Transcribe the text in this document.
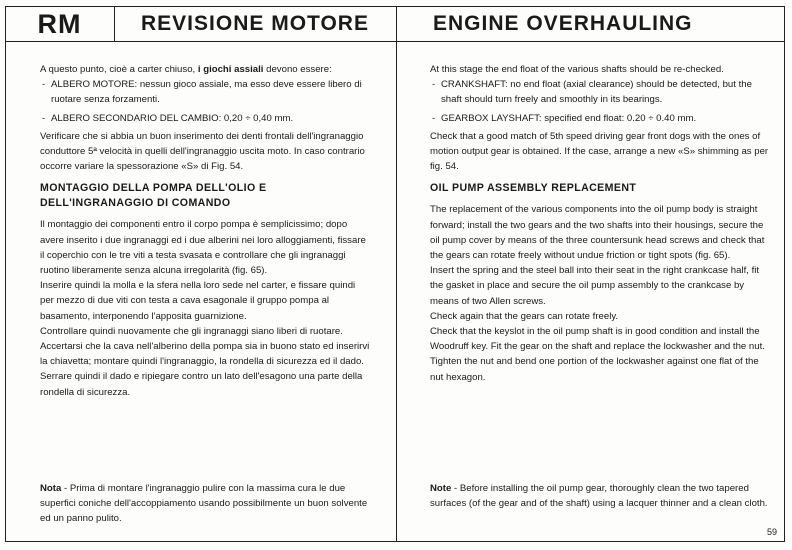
RM	REVISIONE MOTORE	ENGINE OVERHAULING

A questo punto, cioè a carter chiuso, i giochi assiali devono essere:

- ALBERO MOTORE: nessun gioco assiale, ma esso deve essere libero di ruotare senza forzamenti.
- ALBERO SECONDARIO DEL CAMBIO: 0,20 ÷ 0,40 mm.

Verificare che si abbia un buon inserimento dei denti frontali dell'ingranaggio conduttore 5ª velocità in quelli dell'ingranaggio uscita moto. In caso contrario occorre variare la spessorazione «S» di Fig. 54.

MONTAGGIO DELLA POMPA DELL'OLIO E DELL'INGRANAGGIO DI COMANDO

Il montaggio dei componenti entro il corpo pompa è semplicissimo; dopo avere inserito i due ingranaggi ed i due alberini nei loro alloggiamenti, fissare il coperchio con le tre viti a testa svasata e controllare che gli ingranaggi ruotino liberamente senza alcuna irregolarità (fig. 65).

Inserire quindi la molla e la sfera nella loro sede nel carter, e fissare quindi per mezzo di due viti con testa a cava esagonale il gruppo pompa al basamento, interponendo l'apposita guarnizione.

Controllare quindi nuovamente che gli ingranaggi siano liberi di ruotare.

Accertarsi che la cava nell'alberino della pompa sia in buono stato ed inserirvi la chiavetta; montare quindi l'ingranaggio, la rondella di sicurezza ed il dado.

Serrare quindi il dado e ripiegare contro un lato dell'esagono una parte della rondella di sicurezza.

Nota - Prima di montare l'ingranaggio pulire con la massima cura le due superfici coniche dell'accoppiamento usando possibilmente un buon solvente ed un panno pulito.

At this stage the end float of the various shafts should be re-checked.

- CRANKSHAFT: no end float (axial clearance) should be detected, but the shaft should turn freely and smoothly in its bearings.
- GEARBOX LAYSHAFT: specified end float: 0.20 ÷ 0.40 mm.

Check that a good match of 5th speed driving gear front dogs with the ones of motion output gear is obtained. If the case, arrange a new «S» shimming as per fig. 54.

OIL PUMP ASSEMBLY REPLACEMENT

The replacement of the various components into the oil pump body is straight forward; install the two gears and the two shafts into their housings, secure the oil pump cover by means of the three countersunk head screws and check that the gears can rotate freely without undue friction or tight spots (fig. 65).

Insert the spring and the steel ball into their seat in the right crankcase half, fit the gasket in place and secure the oil pump assembly to the crankcase by means of two Allen screws.

Check again that the gears can rotate freely.

Check that the keyslot in the oil pump shaft is in good condition and install the Woodruff key. Fit the gear on the shaft and replace the lockwasher and the nut.

Tighten the nut and bend one portion of the lockwasher against one flat of the nut hexagon.

Note - Before installing the oil pump gear, thoroughly clean the two tapered surfaces (of the gear and of the shaft) using a lacquer thinner and a clean cloth.
59
